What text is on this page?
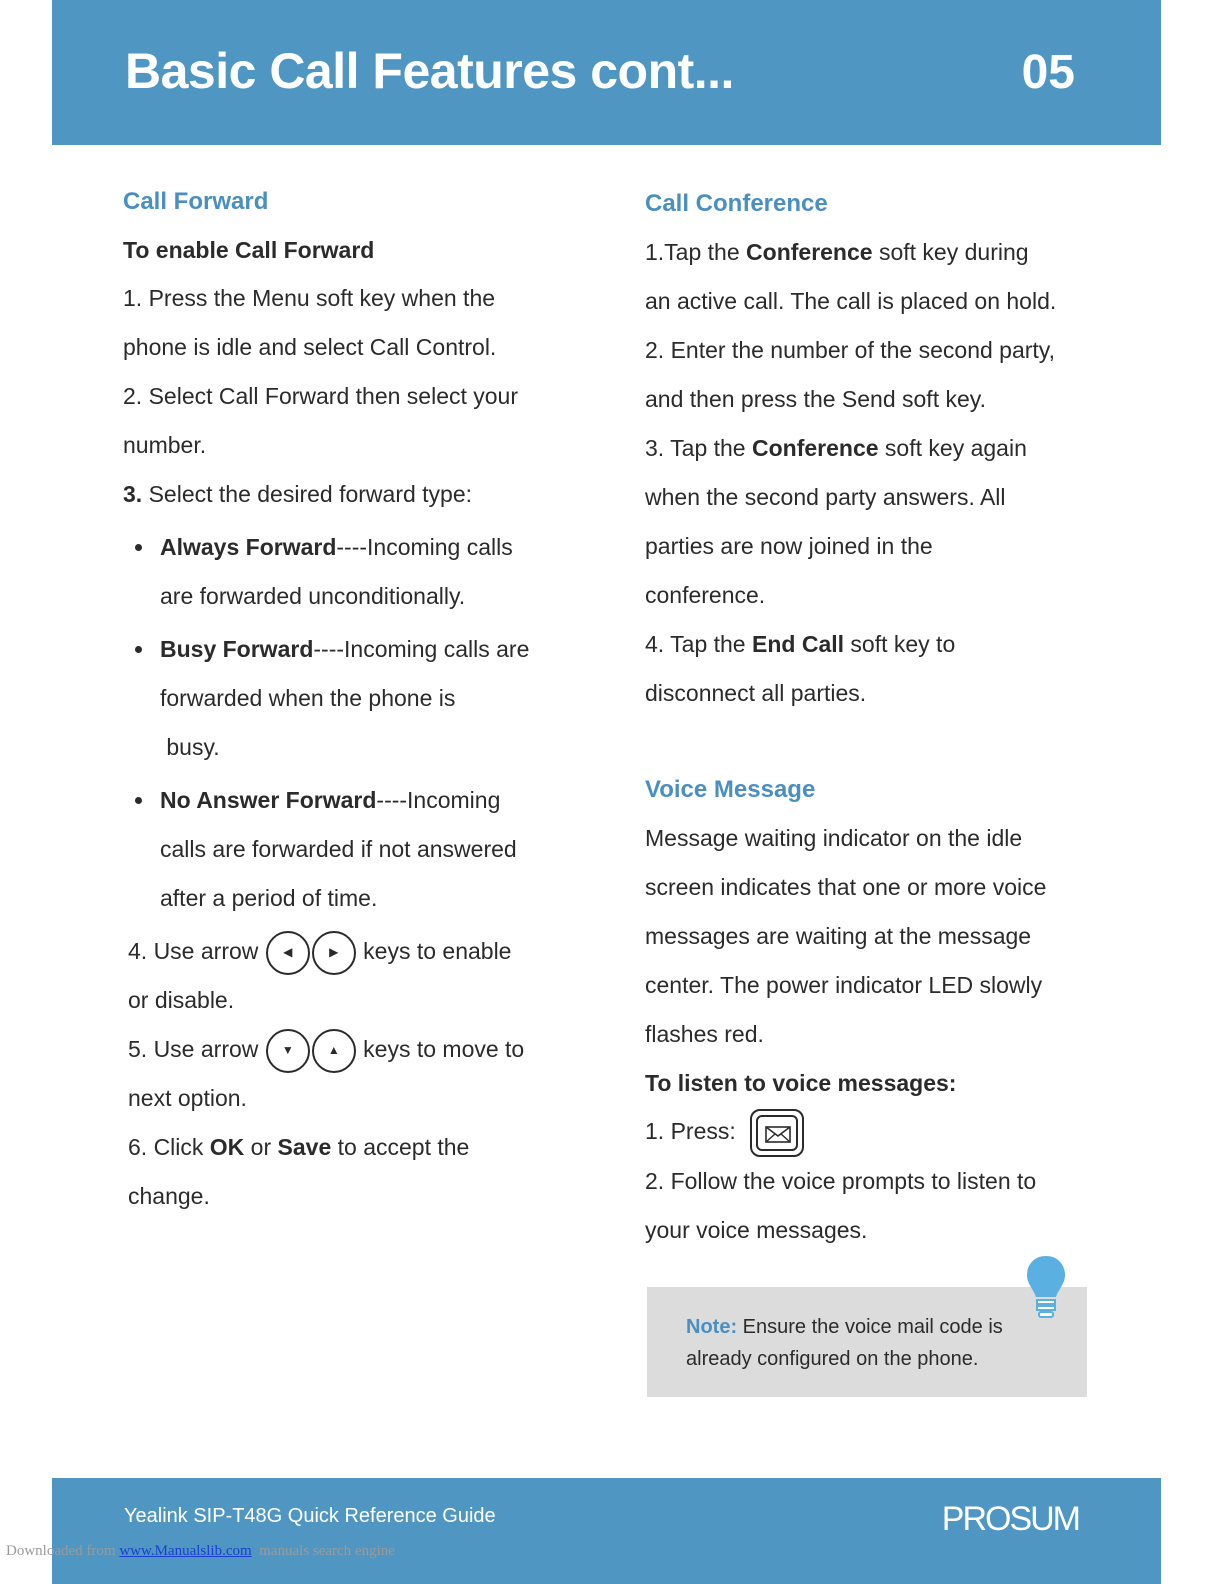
Basic Call Features cont...	05
Call Forward
To enable Call Forward
1. Press the Menu soft key when the
phone is idle and select Call Control.
2. Select Call Forward then select your
number.
3. Select the desired forward type:
Always Forward----Incoming calls
are forwarded unconditionally.
Busy Forward----Incoming calls are
forwarded when the phone is
busy.
No Answer Forward----Incoming
calls are forwarded if not answered
after a period of time.
4. Use arrow	◀	▶	keys to enable
or disable.
5. Use arrow	▼	▲	keys to move to
next option.
6. Click OK or Save to accept the
change.
Call Conference
1.Tap the Conference soft key during
an active call. The call is placed on hold.
2. Enter the number of the second party,
and then press the Send soft key.
3. Tap the Conference soft key again
when the second party answers. All
parties are now joined in the
conference.
4. Tap the End Call soft key to
disconnect all parties.
Voice Message
Message waiting indicator on the idle
screen indicates that one or more voice
messages are waiting at the message
center. The power indicator LED slowly
flashes red.
To listen to voice messages:
1. Press:
2. Follow the voice prompts to listen to
your voice messages.
Note: Ensure the voice mail code is
already configured on the phone.
Yealink SIP-T48G Quick Reference Guide	PROSUM
Downloaded from www.Manualslib.com  manuals search engine
